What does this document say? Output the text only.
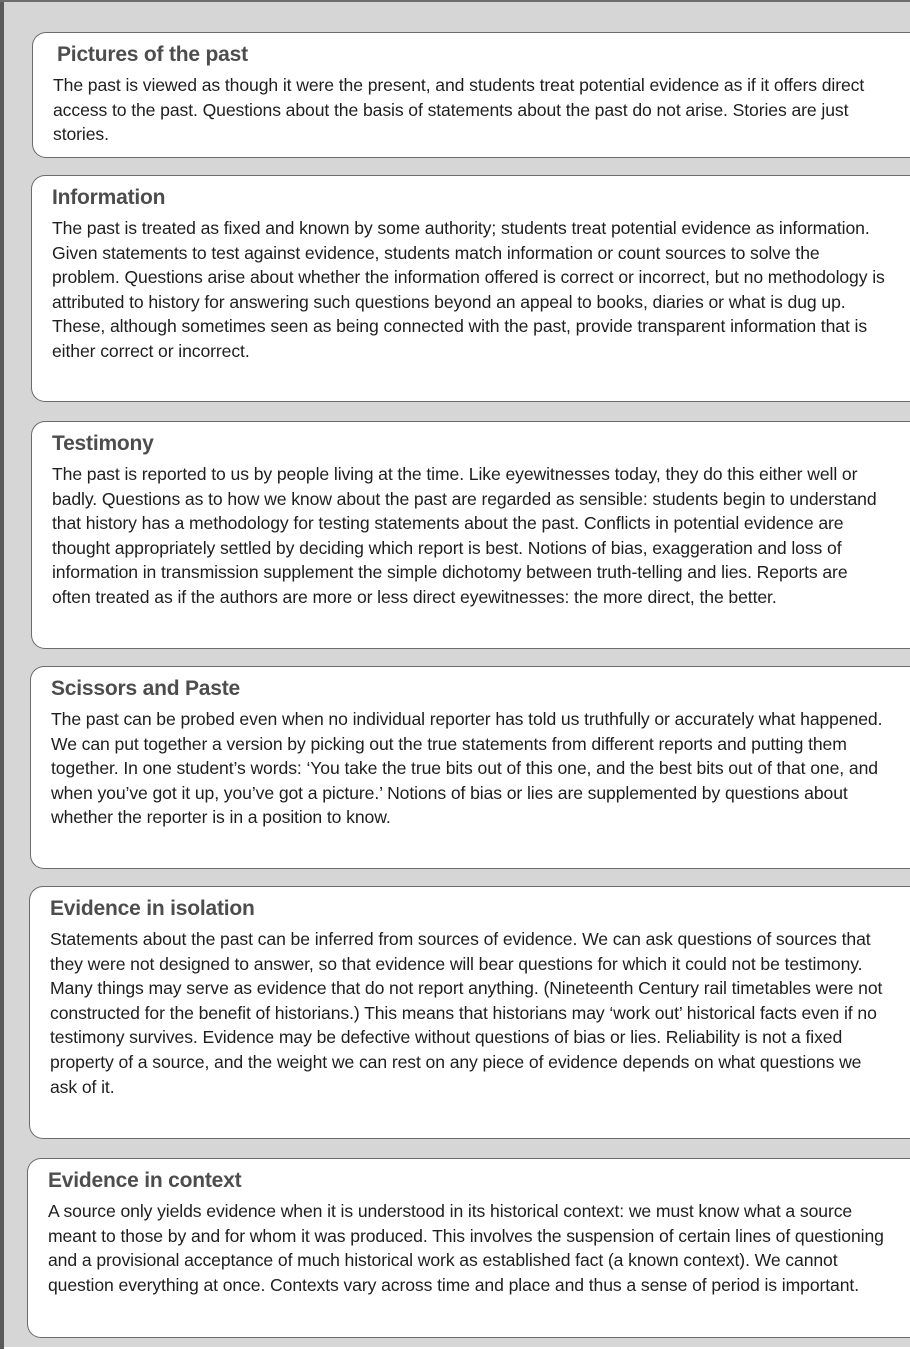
Pictures of the past

The past is viewed as though it were the present, and students treat potential evidence as if it offers direct access to the past. Questions about the basis of statements about the past do not arise. Stories are just stories.

Information

The past is treated as fixed and known by some authority; students treat potential evidence as information. Given statements to test against evidence, students match information or count sources to solve the problem. Questions arise about whether the information offered is correct or incorrect, but no methodology is attributed to history for answering such questions beyond an appeal to books, diaries or what is dug up. These, although sometimes seen as being connected with the past, provide transparent information that is either correct or incorrect.

Testimony

The past is reported to us by people living at the time. Like eyewitnesses today, they do this either well or badly. Questions as to how we know about the past are regarded as sensible: students begin to understand that history has a methodology for testing statements about the past. Conflicts in potential evidence are thought appropriately settled by deciding which report is best. Notions of bias, exaggeration and loss of information in transmission supplement the simple dichotomy between truth-telling and lies. Reports are often treated as if the authors are more or less direct eyewitnesses: the more direct, the better.

Scissors and Paste

The past can be probed even when no individual reporter has told us truthfully or accurately what happened. We can put together a version by picking out the true statements from different reports and putting them together. In one student’s words: ‘You take the true bits out of this one, and the best bits out of that one, and when you’ve got it up, you’ve got a picture.’ Notions of bias or lies are supplemented by questions about whether the reporter is in a position to know.

Evidence in isolation

Statements about the past can be inferred from sources of evidence. We can ask questions of sources that they were not designed to answer, so that evidence will bear questions for which it could not be testimony. Many things may serve as evidence that do not report anything. (Nineteenth Century rail timetables were not constructed for the benefit of historians.) This means that historians may ‘work out’ historical facts even if no testimony survives. Evidence may be defective without questions of bias or lies. Reliability is not a fixed property of a source, and the weight we can rest on any piece of evidence depends on what questions we ask of it.

Evidence in context

A source only yields evidence when it is understood in its historical context: we must know what a source meant to those by and for whom it was produced. This involves the suspension of certain lines of questioning and a provisional acceptance of much historical work as established fact (a known context). We cannot question everything at once. Contexts vary across time and place and thus a sense of period is important.
